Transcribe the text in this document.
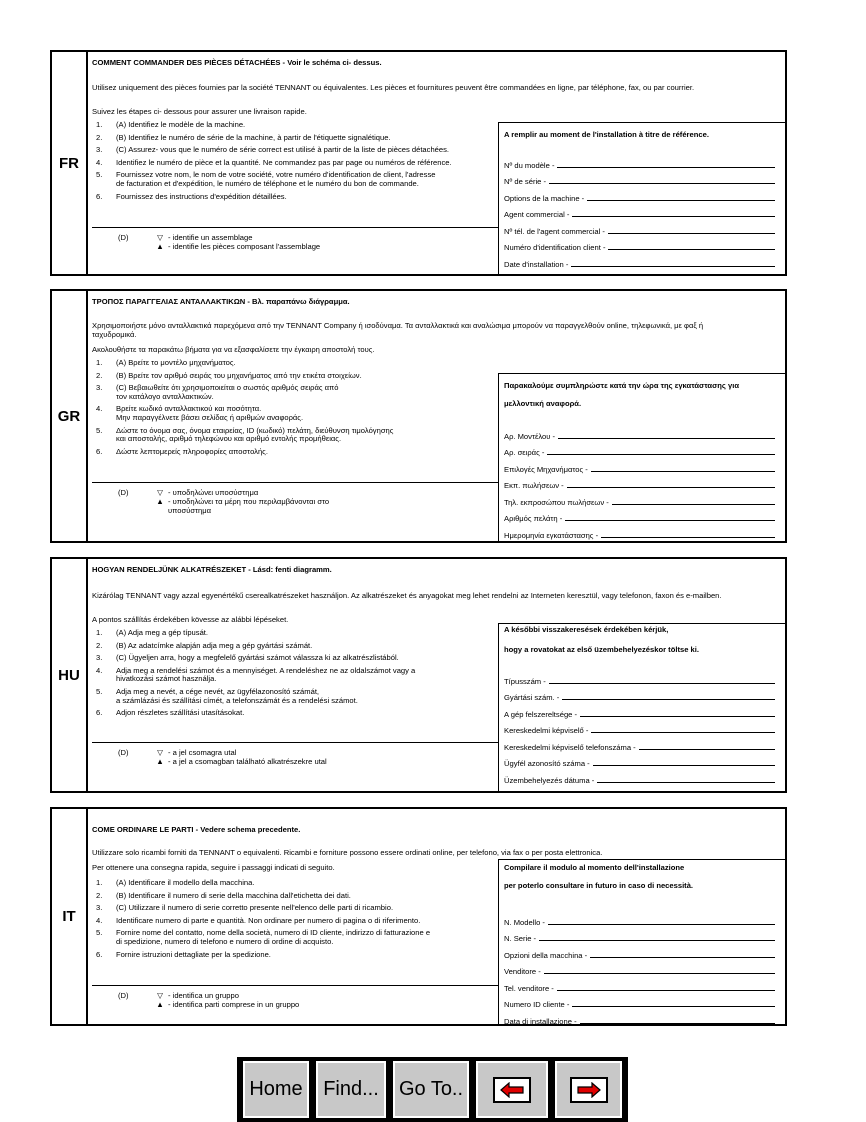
FR
COMMENT COMMANDER DES PIÈCES DÉTACHÉES - Voir le schéma ci- dessus.
Utilisez uniquement des pièces fournies par la société TENNANT ou équivalentes. Les pièces et fournitures peuvent être commandées en ligne, par téléphone, fax, ou par courrier.
Suivez les étapes ci- dessous pour assurer une livraison rapide.
1.	(A) Identifiez le modèle de la machine.
2.	(B) Identifiez le numéro de série de la machine, à partir de l'étiquette signalétique.
3.	(C) Assurez- vous que le numéro de série correct est utilisé à partir de la liste de pièces détachées.
4.	Identifiez le numéro de pièce et la quantité. Ne commandez pas par page ou numéros de référence.
5.	Fournissez votre nom, le nom de votre société, votre numéro d'identification de client, l'adresse
de facturation et d'expédition, le numéro de téléphone et le numéro du bon de commande.
6.	Fournissez des instructions d'expédition détaillées.
(D)	▽ - identifie un assemblage
▲ - identifie les pièces composant l'assemblage
A remplir au moment de l'installation à titre de référence.
Nº du modèle -
Nº de série -
Options de la machine -
Agent commercial -
Nº tél. de l'agent commercial -
Numéro d'identification client -
Date d'installation -
GR
ΤΡΟΠΟΣ ΠΑΡΑΓΓΕΛΙΑΣ ΑΝΤΑΛΛΑΚΤΙΚΩΝ - Βλ. παραπάνω διάγραμμα.
Χρησιμοποιήστε μόνο ανταλλακτικά παρεχόμενα από την TENNANT Company ή ισοδύναμα. Τα ανταλλακτικά και αναλώσιμα μπορούν να παραγγελθούν online, τηλεφωνικά, με φαξ ή ταχυδρομικά.
Ακολουθήστε τα παρακάτω βήματα για να εξασφαλίσετε την έγκαιρη αποστολή τους.
1.	(A) Βρείτε το μοντέλο μηχανήματος.
2.	(B) Βρείτε τον αριθμό σειράς του μηχανήματος από την ετικέτα στοιχείων.
3.	(C) Βεβαιωθείτε ότι χρησιμοποιείται ο σωστός αριθμός σειράς από
τον κατάλογο ανταλλακτικών.
4.	Βρείτε κωδικό ανταλλακτικού και ποσότητα.
Μην παραγγέλνετε βάσει σελίδας ή αριθμών αναφοράς.
5.	Δώστε το όνομα σας, όνομα εταιρείας, ID (κωδικό) πελάτη, διεύθυνση τιμολόγησης
και αποστολής, αριθμό τηλεφώνου και αριθμό εντολής προμήθειας.
6.	Δώστε λεπτομερείς πληροφορίες αποστολής.
(D)	▽ - υποδηλώνει υποσύστημα
▲ - υποδηλώνει τα μέρη που περιλαμβάνονται στο
υποσύστημα
Παρακαλούμε συμπληρώστε κατά την ώρα της εγκατάστασης για
μελλοντική αναφορά.
Αρ. Μοντέλου -
Αρ. σειράς -
Επιλογές Μηχανήματος -
Εκπ. πωλήσεων -
Τηλ. εκπροσώπου πωλήσεων -
Αριθμός πελάτη -
Ημερομηνία εγκατάστασης -
HU
HOGYAN RENDELJÜNK ALKATRÉSZEKET - Lásd: fenti diagramm.
Kizárólag TENNANT vagy azzal egyenértékű cserealkatrészeket használjon. Az alkatrészeket és anyagokat meg lehet rendelni az Interneten keresztül, vagy telefonon, faxon és e-mailben.
A pontos szállítás érdekében kövesse az alábbi lépéseket.
1.	(A) Adja meg a gép típusát.
2.	(B) Az adatcímke alapján adja meg a gép gyártási számát.
3.	(C) Ügyeljen arra, hogy a megfelelő gyártási számot válassza ki az alkatrészlistából.
4.	Adja meg a rendelési számot és a mennyiséget. A rendeléshez ne az oldalszámot vagy a
hivatkozási számot használja.
5.	Adja meg a nevét, a cége nevét, az ügyfélazonosító számát,
a számlázási és szállítási címét, a telefonszámát és a rendelési számot.
6.	Adjon részletes szállítási utasításokat.
(D)	▽ - a jel csomagra utal
▲ - a jel a csomagban található alkatrészekre utal
A későbbi visszakeresések érdekében kérjük,
hogy a rovatokat az első üzembehelyezéskor töltse ki.
Típusszám -
Gyártási szám. -
A gép felszereltsége -
Kereskedelmi képviselő -
Kereskedelmi képviselő telefonszáma -
Ügyfél azonosító száma -
Üzembehelyezés dátuma -
IT
COME ORDINARE LE PARTI - Vedere schema precedente.
Utilizzare solo ricambi forniti da TENNANT o equivalenti. Ricambi e forniture possono essere ordinati online, per telefono, via fax o per posta elettronica.
Per ottenere una consegna rapida, seguire i passaggi indicati di seguito.
1.	(A) Identificare il modello della macchina.
2.	(B) Identificare il numero di serie della macchina dall'etichetta dei dati.
3.	(C) Utilizzare il numero di serie corretto presente nell'elenco delle parti di ricambio.
4.	Identificare numero di parte e quantità. Non ordinare per numero di pagina o di riferimento.
5.	Fornire nome del contatto, nome della società, numero di ID cliente, indirizzo di fatturazione e
di spedizione, numero di telefono e numero di ordine di acquisto.
6.	Fornire istruzioni dettagliate per la spedizione.
(D)	▽ - identifica un gruppo
▲ - identifica parti comprese in un gruppo
Compilare il modulo al momento dell'installazione
per poterlo consultare in futuro in caso di necessità.
N. Modello -
N. Serie -
Opzioni della macchina -
Venditore -
Tel. venditore -
Numero ID cliente -
Data di installazione -
Home	Find...	Go To..
